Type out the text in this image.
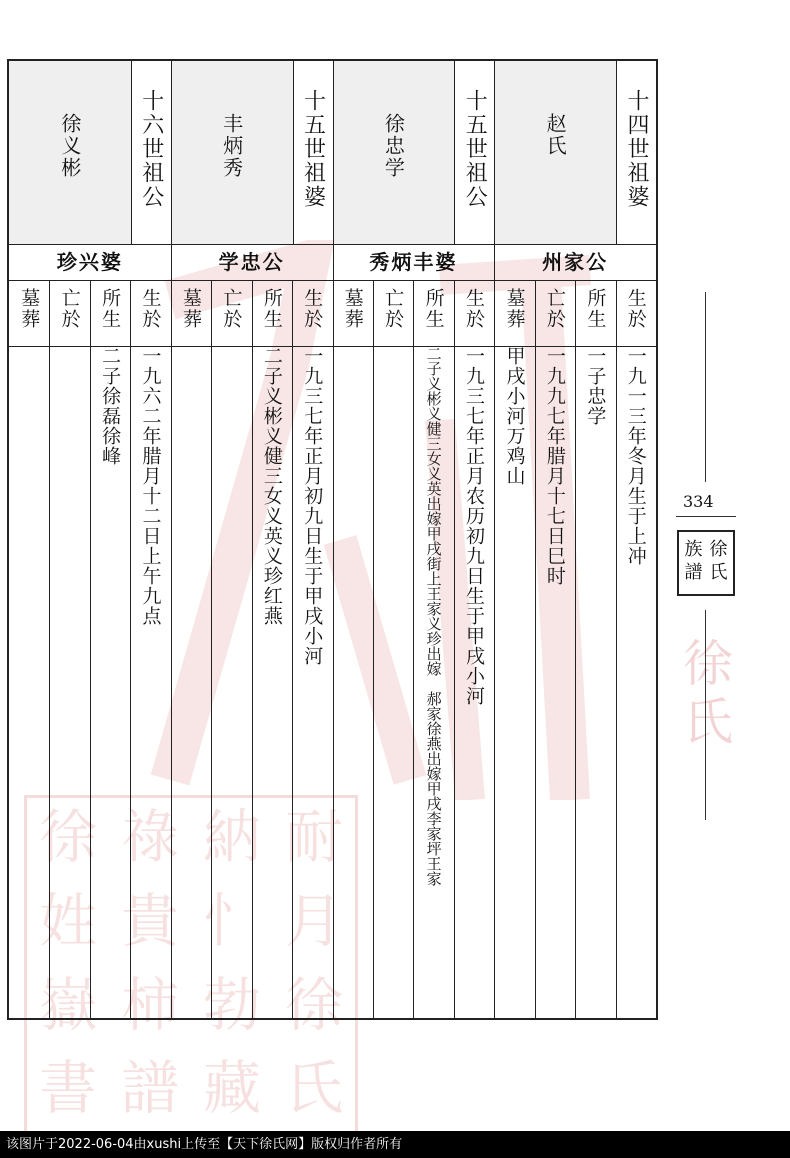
徐 祿 納 耐
姓 貴 忄 月
嶽 柿 勃 徐
書 譜 藏 氏
徐
氏
十四世祖婆
赵氏
州家公
生於
一九一三年冬月生于上冲
所生
一子忠学
亡於
一九九七年腊月十七日巳时
墓葬
甲戌小河万鸡山
十五世祖公
徐忠学
秀炳丰婆
生於
一九三七年正月农历初九日生于甲戌小河
所生
二子义彬义健三女义英出嫁甲戌街上王家义珍出嫁　郝家徐燕出嫁甲戌李家坪王家
亡於
墓葬
十五世祖婆
丰炳秀
学忠公
生於
一九三七年正月初九日生于甲戌小河
所生
二子义彬义健三女义英义珍红燕
亡於
墓葬
十六世祖公
徐义彬
珍兴婆
生於
一九六二年腊月十二日上午九点
所生
二子徐磊徐峰
亡於
墓葬
334
族 徐
譜 氏
该图片于2022-06-04由xushi上传至【天下徐氏网】版权归作者所有
